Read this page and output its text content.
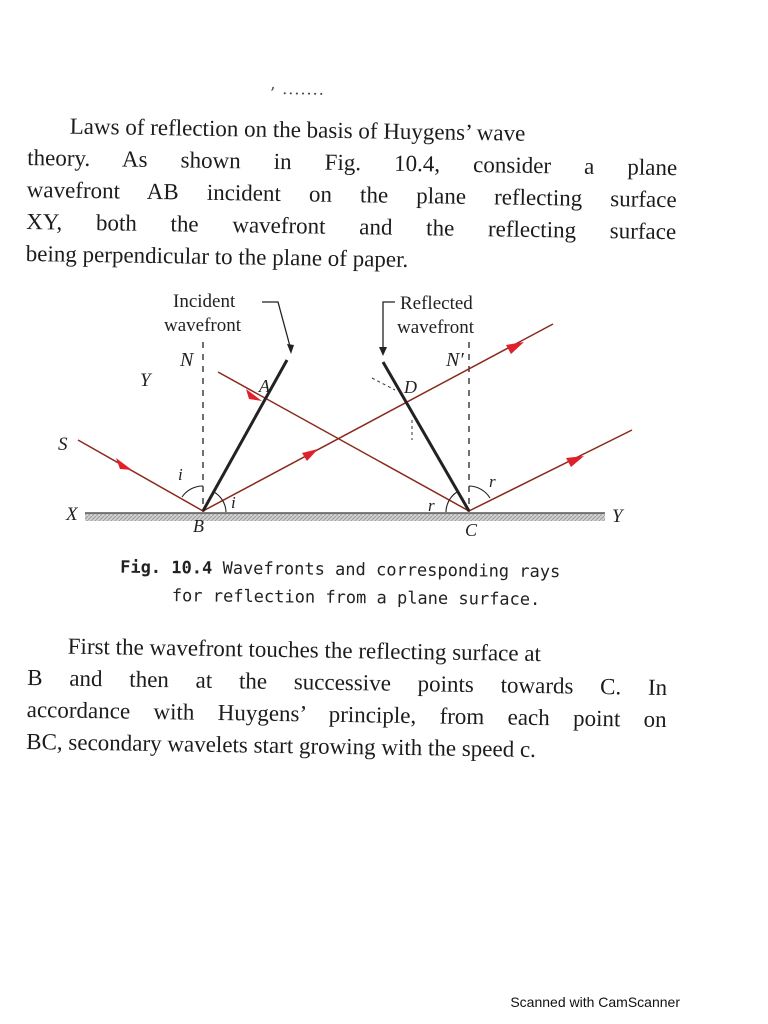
’ ·······
Laws of reflection on the basis of Huygens’ wave
theory. As shown in Fig. 10.4, consider a plane
wavefront AB incident on the plane reflecting surface
XY, both the wavefront and the reflecting surface
being perpendicular to the plane of paper.
Incident
wavefront
Reflected
wavefront
N	N′
Y	A	D
S
X
B	C
Y
i
i	r
r
Fig. 10.4 Wavefronts and corresponding rays
for reflection from a plane surface.
First the wavefront touches the reflecting surface at
B and then at the successive points towards C. In
accordance with Huygens’ principle, from each point on
BC, secondary wavelets start growing with the speed c.
Scanned with CamScanner
